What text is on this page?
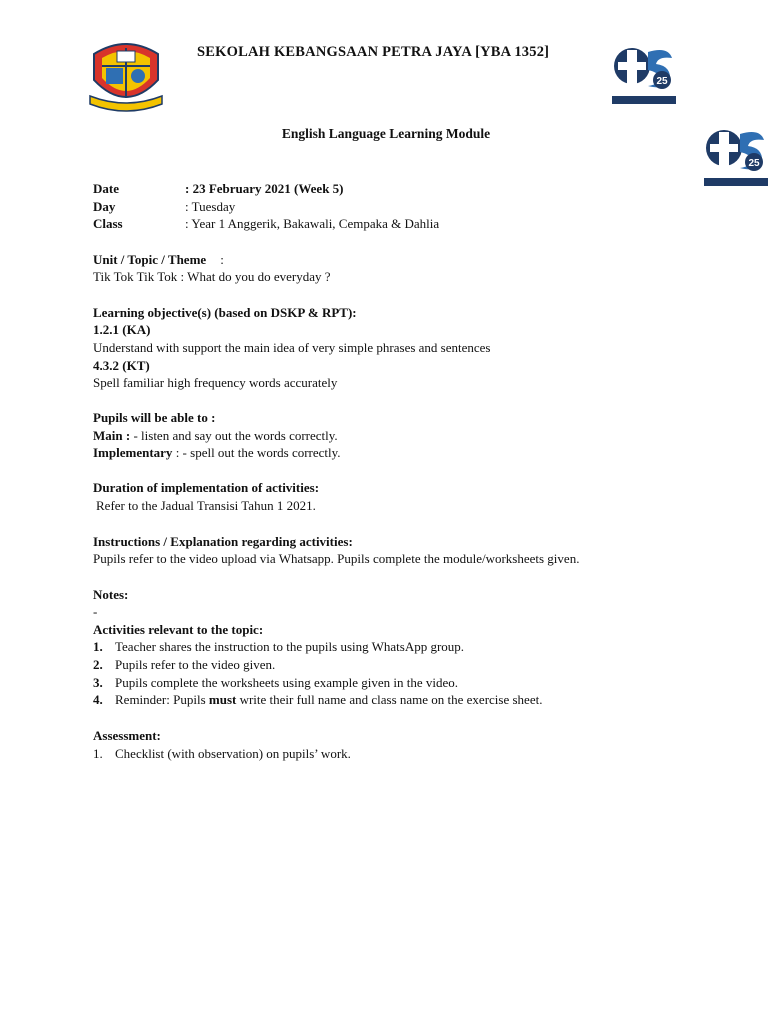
SEKOLAH KEBANGSAAN PETRA JAYA [YBA 1352]
25
25
English Language Learning Module
Date	: 23 February 2021 (Week 5)
Day	: Tuesday
Class	: Year 1 Anggerik, Bakawali, Cempaka & Dahlia
Unit / Topic / Theme :
Tik Tok Tik Tok : What do you do everyday ?
Learning objective(s) (based on DSKP & RPT):
1.2.1 (KA)
Understand with support the main idea of very simple phrases and sentences
4.3.2 (KT)
Spell familiar high frequency words accurately
Pupils will be able to :
Main : - listen and say out the words correctly.
Implementary : - spell out the words correctly.
Duration of implementation of activities:
Refer to the Jadual Transisi Tahun 1 2021.
Instructions / Explanation regarding activities:
Pupils refer to the video upload via Whatsapp. Pupils complete the module/worksheets given.
Notes:
-
Activities relevant to the topic:
1. Teacher shares the instruction to the pupils using WhatsApp group.
2. Pupils refer to the video given.
3. Pupils complete the worksheets using example given in the video.
4. Reminder: Pupils must write their full name and class name on the exercise sheet.
Assessment:
1. Checklist (with observation) on pupils’ work.
